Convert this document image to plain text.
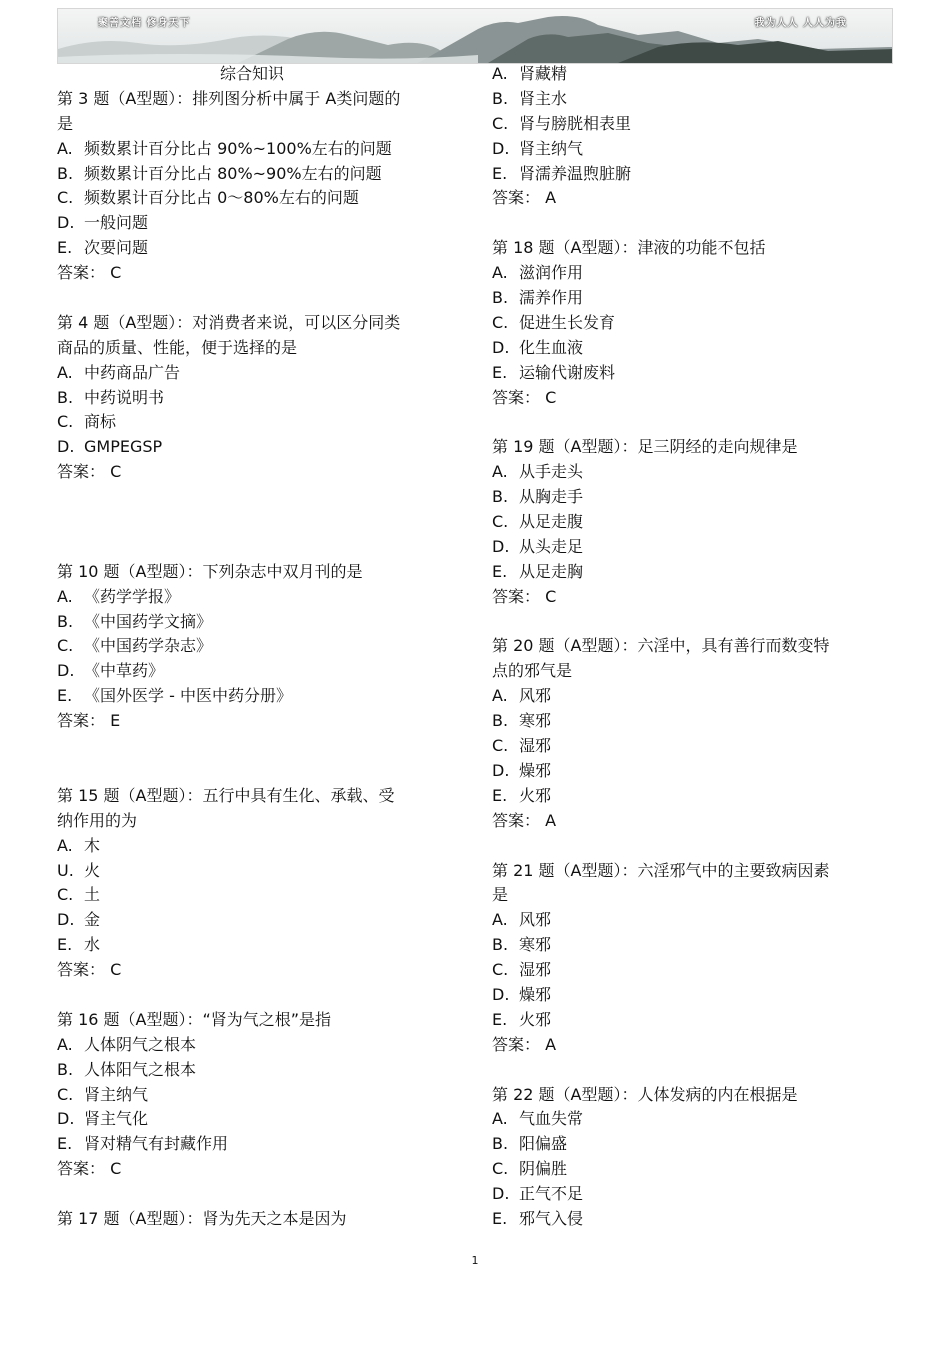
聚善文档 修身天下	我为人人 人人为我
综合知识
第 3 题（A型题）：排列图分析中属于 A类问题的
是
A. 频数累计百分比占 90%~100%左右的问题
B. 频数累计百分比占 80%~90%左右的问题
C. 频数累计百分比占 0～80%左右的问题
D. 一般问题
E. 次要问题
答案： C
第 4 题（A型题）：对消费者来说，可以区分同类
商品的质量、性能，便于选择的是
A. 中药商品广告
B. 中药说明书
C. 商标
D. GMPEGSP
答案： C
第 10 题（A型题）：下列杂志中双月刊的是
A. 《药学学报》
B. 《中国药学文摘》
C. 《中国药学杂志》
D. 《中草药》
E. 《国外医学 - 中医中药分册》
答案： E
第 15 题（A型题）：五行中具有生化、承载、受
纳作用的为
A. 木
U. 火
C. 土
D. 金
E. 水
答案： C
第 16 题（A型题）：“肾为气之根”是指
A. 人体阴气之根本
B. 人体阳气之根本
C. 肾主纳气
D. 肾主气化
E. 肾对精气有封藏作用
答案： C
第 17 题（A型题）：肾为先天之本是因为
A. 肾藏精
B. 肾主水
C. 肾与膀胱相表里
D. 肾主纳气
E. 肾濡养温煦脏腑
答案： A
第 18 题（A型题）：津液的功能不包括
A. 滋润作用
B. 濡养作用
C. 促进生长发育
D. 化生血液
E. 运输代谢废料
答案： C
第 19 题（A型题）：足三阴经的走向规律是
A. 从手走头
B. 从胸走手
C. 从足走腹
D. 从头走足
E. 从足走胸
答案： C
第 20 题（A型题）：六淫中，具有善行而数变特
点的邪气是
A. 风邪
B. 寒邪
C. 湿邪
D. 燥邪
E. 火邪
答案： A
第 21 题（A型题）：六淫邪气中的主要致病因素
是
A. 风邪
B. 寒邪
C. 湿邪
D. 燥邪
E. 火邪
答案： A
第 22 题（A型题）：人体发病的内在根据是
A. 气血失常
B. 阳偏盛
C. 阴偏胜
D. 正气不足
E. 邪气入侵
1
